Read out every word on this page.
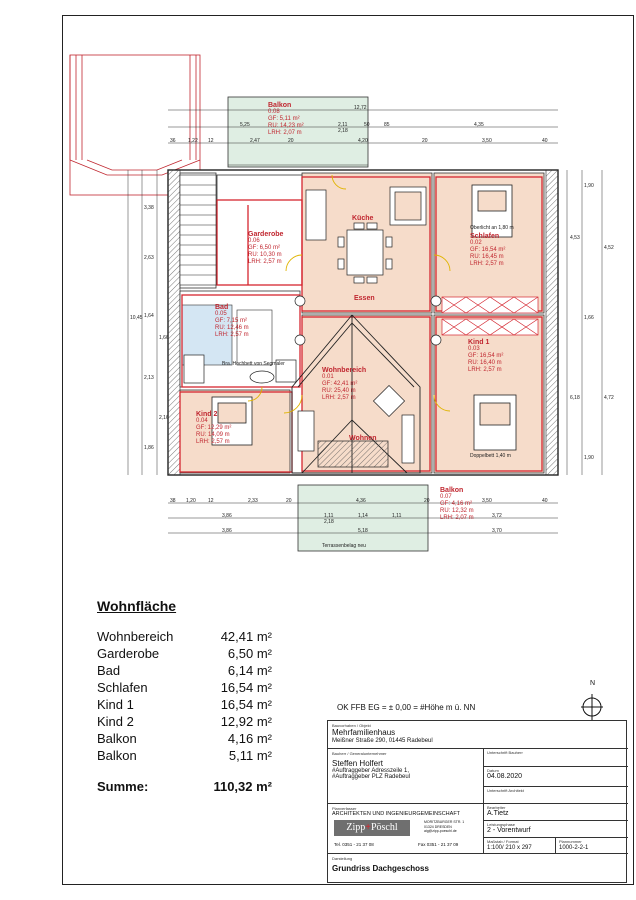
Balkon
0.08
GF: 5,11 m²
RU: 14,23 m²
LRH: 2,07 m
Garderobe
0.06
GF: 6,50 m²
RU: 10,30 m
LRH: 2,57 m
Küche
Schlafen
0.02
GF: 16,54 m²
RU: 16,45 m
LRH: 2,57 m
Essen
Bad
0.05
GF: 7,15 m²
RU: 12,46 m
LRH: 2,57 m
Kind 1
0.03
GF: 16,54 m²
RU: 16,40 m
LRH: 2,57 m
Wohnbereich
0.01
GF: 42,41 m²
RU: 25,40 m
LRH: 2,57 m
Kind 2
0.04
GF: 12,29 m²
RU: 14,09 m
LRH: 2,57 m	Wohnen
Balkon
0.07
GF: 4,16 m²
RU: 12,32 m
LRH: 2,07 m
12,72
5,25	2,11
2,18
50	85	4,35
36 1,22 12	2,47	20	4,20	20	3,50	40
38 1,20 12	2,33	20	4,36	20	3,50	40
3,86	1,11
2,18
1,14	1,11	3,72
3,86	5,18	3,70
Terrassenbelag neu
1,90
4,53
4,52
1,66
6,18	4,72
1,90
3,38
2,63
1,64
1,66
2,13
2,16
1,86
10,45
Oberlicht an 1,80 m
Doppelbett 1,40 m
Bra. Hochbett von Segmaler
Wohnfläche
Wohnbereich	42,41 m²
Garderobe	6,50 m²
Bad	6,14 m²
Schlafen	16,54 m²
Kind 1	16,54 m²
Kind 2	12,92 m²
Balkon	4,16 m²
Balkon	5,11 m²
Summe:	110,32 m²
OK FFB EG = ± 0,00 = #Höhe m ü. NN
N
Bauvorhaben / Objekt
Mehrfamilienhaus
Meißner Straße 290, 01445 Radebeul
Bauherr / Generalunternehmer
Steffen Holfert
#Auftraggeber Adresszeile 1,
#Auftraggeber PLZ Radebeul
Unterschrift Bauherr
Datum
04.08.2020
Unterschrift Architekt
Planverfasser
ARCHITEKTEN UND INGENIEURGEMEINSCHAFT
Zipp+Pöschl	MORITZBURGER STR. 1
01324 DRESDEN
aig@zipp-poeschl.de
Tel. 0351 - 21 37 08	Fax 0351 - 21 37 09
Bearbeiter
A.Tietz
Leistungsphase
2 - Vorentwurf
Maßstab / Format
1:100/ 210 x 297
Plannummer
1000-2-2-1
Darstellung
Grundriss Dachgeschoss
